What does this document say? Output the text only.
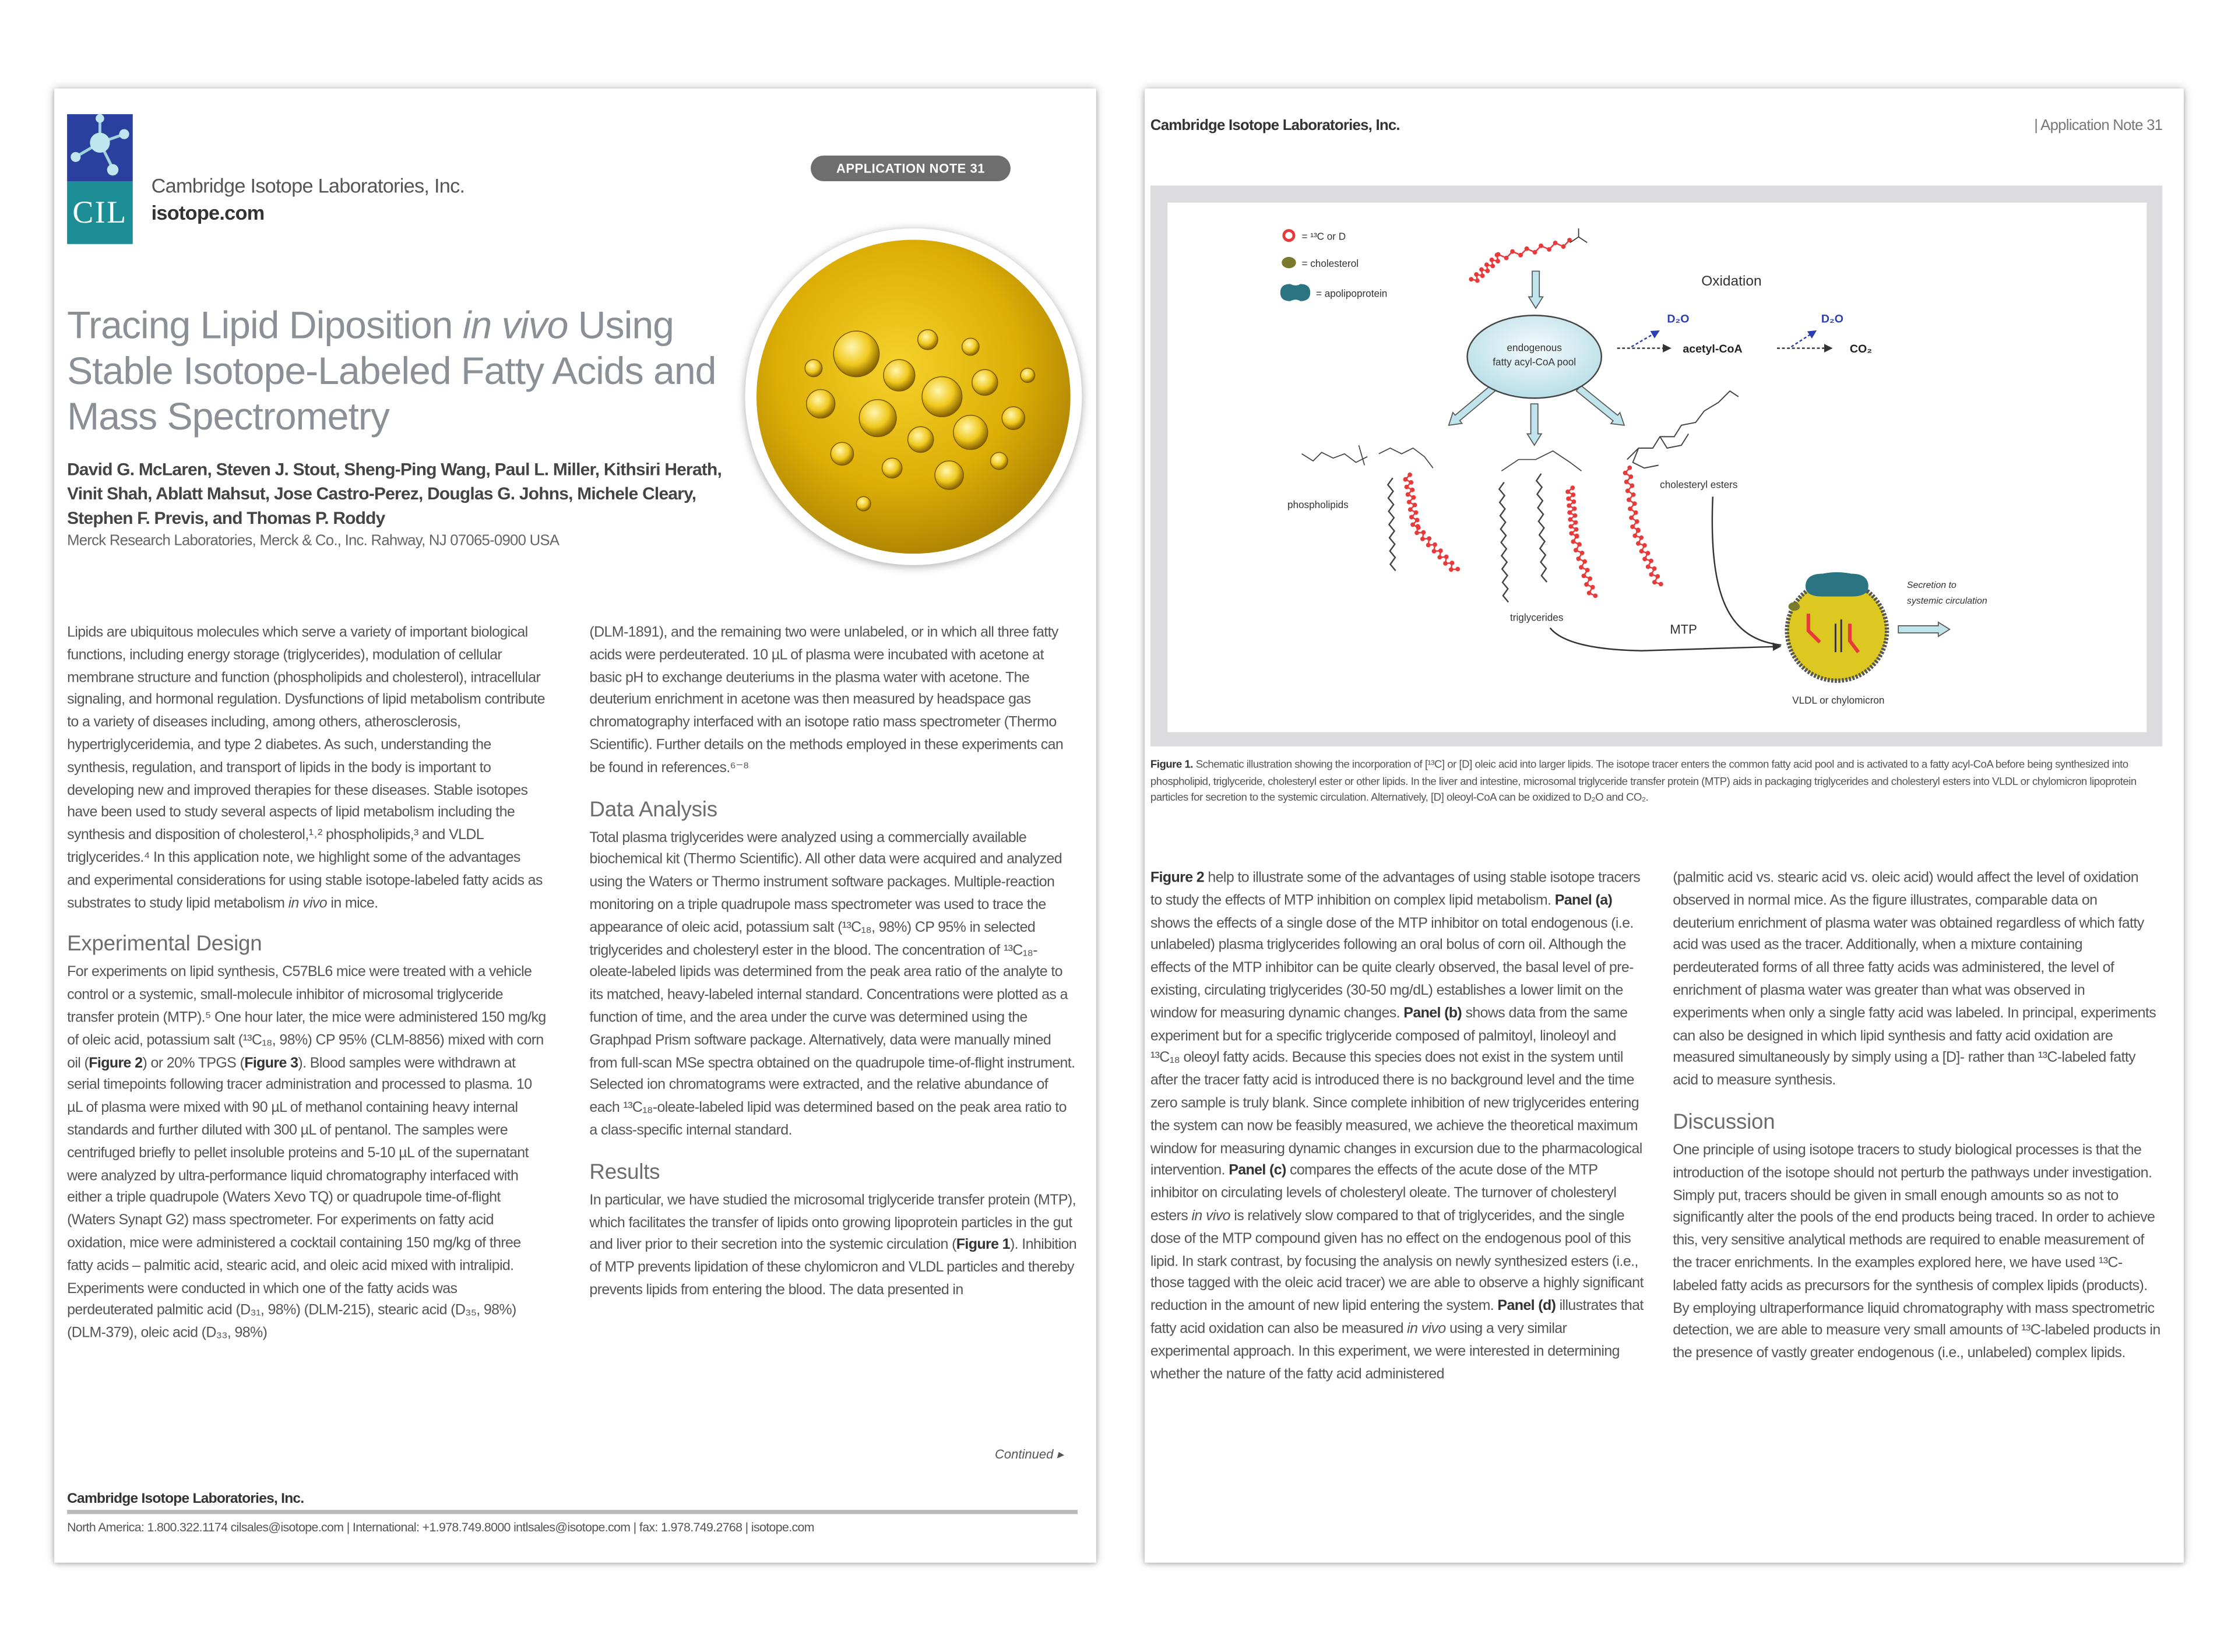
CIL
Cambridge Isotope Laboratories, Inc.
isotope.com
APPLICATION NOTE 31
Tracing Lipid Diposition in vivo Using Stable Isotope-Labeled Fatty Acids and Mass Spectrometry
David G. McLaren, Steven J. Stout, Sheng-Ping Wang, Paul L. Miller, Kithsiri Herath, Vinit Shah, Ablatt Mahsut, Jose Castro-Perez, Douglas G. Johns, Michele Cleary, Stephen F. Previs, and Thomas P. Roddy
Merck Research Laboratories, Merck & Co., Inc. Rahway, NJ 07065-0900 USA

Lipids are ubiquitous molecules which serve a variety of important biological functions, including energy storage (triglycerides), modulation of cellular membrane structure and function (phospholipids and cholesterol), intracellular signaling, and hormonal regulation. Dysfunctions of lipid metabolism contribute to a variety of diseases including, among others, atherosclerosis, hypertriglyceridemia, and type 2 diabetes. As such, understanding the synthesis, regulation, and transport of lipids in the body is important to developing new and improved therapies for these diseases. Stable isotopes have been used to study several aspects of lipid metabolism including the synthesis and disposition of cholesterol,¹˒² phospholipids,³ and VLDL triglycerides.⁴ In this application note, we highlight some of the advantages and experimental considerations for using stable isotope-labeled fatty acids as substrates to study lipid metabolism in vivo in mice.

Experimental Design

For experiments on lipid synthesis, C57BL6 mice were treated with a vehicle control or a systemic, small-molecule inhibitor of microsomal triglyceride transfer protein (MTP).⁵ One hour later, the mice were administered 150 mg/kg of oleic acid, potassium salt (¹³C₁₈, 98%) CP 95% (CLM-8856) mixed with corn oil (Figure 2) or 20% TPGS (Figure 3). Blood samples were withdrawn at serial timepoints following tracer administration and processed to plasma. 10 µL of plasma were mixed with 90 µL of methanol containing heavy internal standards and further diluted with 300 µL of pentanol. The samples were centrifuged briefly to pellet insoluble proteins and 5-10 µL of the supernatant were analyzed by ultra-performance liquid chromatography interfaced with either a triple quadrupole (Waters Xevo TQ) or quadrupole time-of-flight (Waters Synapt G2) mass spectrometer. For experiments on fatty acid oxidation, mice were administered a cocktail containing 150 mg/kg of three fatty acids – palmitic acid, stearic acid, and oleic acid mixed with intralipid. Experiments were conducted in which one of the fatty acids was perdeuterated palmitic acid (D₃₁, 98%) (DLM-215), stearic acid (D₃₅, 98%) (DLM-379), oleic acid (D₃₃, 98%)

(DLM-1891), and the remaining two were unlabeled, or in which all three fatty acids were perdeuterated. 10 µL of plasma were incubated with acetone at basic pH to exchange deuteriums in the plasma water with acetone. The deuterium enrichment in acetone was then measured by headspace gas chromatography interfaced with an isotope ratio mass spectrometer (Thermo Scientific). Further details on the methods employed in these experiments can be found in references.⁶⁻⁸

Data Analysis

Total plasma triglycerides were analyzed using a commercially available biochemical kit (Thermo Scientific). All other data were acquired and analyzed using the Waters or Thermo instrument software packages. Multiple-reaction monitoring on a triple quadrupole mass spectrometer was used to trace the appearance of oleic acid, potassium salt (¹³C₁₈, 98%) CP 95% in selected triglycerides and cholesteryl ester in the blood. The concentration of ¹³C₁₈-oleate-labeled lipids was determined from the peak area ratio of the analyte to its matched, heavy-labeled internal standard. Concentrations were plotted as a function of time, and the area under the curve was determined using the Graphpad Prism software package. Alternatively, data were manually mined from full-scan MSe spectra obtained on the quadrupole time-of-flight instrument. Selected ion chromatograms were extracted, and the relative abundance of each ¹³C₁₈-oleate-labeled lipid was determined based on the peak area ratio to a class-specific internal standard.

Results

In particular, we have studied the microsomal triglyceride transfer protein (MTP), which facilitates the transfer of lipids onto growing lipoprotein particles in the gut and liver prior to their secretion into the systemic circulation (Figure 1). Inhibition of MTP prevents lipidation of these chylomicron and VLDL particles and thereby prevents lipids from entering the blood. The data presented in

Continued ▸
Cambridge Isotope Laboratories, Inc.
North America: 1.800.322.1174 cilsales@isotope.com | International: +1.978.749.8000 intlsales@isotope.com | fax: 1.978.749.2768 | isotope.com
Cambridge Isotope Laboratories, Inc.	| Application Note 31
= ¹³C or D
= cholesterol
= apolipoprotein
endogenous
fatty acyl-CoA pool
Oxidation
D₂O	D₂O
acetyl-CoA	CO₂
phospholipids
triglycerides
cholesteryl esters
MTP
VLDL or chylomicron
Secretion to
systemic circulation
Figure 1. Schematic illustration showing the incorporation of [¹³C] or [D] oleic acid into larger lipids. The isotope tracer enters the common fatty acid pool and is activated to a fatty acyl-CoA before being synthesized into phospholipid, triglyceride, cholesteryl ester or other lipids. In the liver and intestine, microsomal triglyceride transfer protein (MTP) aids in packaging triglycerides and cholesteryl esters into VLDL or chylomicron lipoprotein particles for secretion to the systemic circulation. Alternatively, [D] oleoyl-CoA can be oxidized to D₂O and CO₂.

Figure 2 help to illustrate some of the advantages of using stable isotope tracers to study the effects of MTP inhibition on complex lipid metabolism. Panel (a) shows the effects of a single dose of the MTP inhibitor on total endogenous (i.e. unlabeled) plasma triglycerides following an oral bolus of corn oil. Although the effects of the MTP inhibitor can be quite clearly observed, the basal level of pre-existing, circulating triglycerides (30-50 mg/dL) establishes a lower limit on the window for measuring dynamic changes. Panel (b) shows data from the same experiment but for a specific triglyceride composed of palmitoyl, linoleoyl and ¹³C₁₈ oleoyl fatty acids. Because this species does not exist in the system until after the tracer fatty acid is introduced there is no background level and the time zero sample is truly blank. Since complete inhibition of new triglycerides entering the system can now be feasibly measured, we achieve the theoretical maximum window for measuring dynamic changes in excursion due to the pharmacological intervention. Panel (c) compares the effects of the acute dose of the MTP inhibitor on circulating levels of cholesteryl oleate. The turnover of cholesteryl esters in vivo is relatively slow compared to that of triglycerides, and the single dose of the MTP compound given has no effect on the endogenous pool of this lipid. In stark contrast, by focusing the analysis on newly synthesized esters (i.e., those tagged with the oleic acid tracer) we are able to observe a highly significant reduction in the amount of new lipid entering the system. Panel (d) illustrates that fatty acid oxidation can also be measured in vivo using a very similar experimental approach. In this experiment, we were interested in determining whether the nature of the fatty acid administered

(palmitic acid vs. stearic acid vs. oleic acid) would affect the level of oxidation observed in normal mice. As the figure illustrates, comparable data on deuterium enrichment of plasma water was obtained regardless of which fatty acid was used as the tracer. Additionally, when a mixture containing perdeuterated forms of all three fatty acids was administered, the level of enrichment of plasma water was greater than what was observed in experiments when only a single fatty acid was labeled. In principal, experiments can also be designed in which lipid synthesis and fatty acid oxidation are measured simultaneously by simply using a [D]- rather than ¹³C-labeled fatty acid to measure synthesis.

Discussion

One principle of using isotope tracers to study biological processes is that the introduction of the isotope should not perturb the pathways under investigation. Simply put, tracers should be given in small enough amounts so as not to significantly alter the pools of the end products being traced. In order to achieve this, very sensitive analytical methods are required to enable measurement of the tracer enrichments. In the examples explored here, we have used ¹³C-labeled fatty acids as precursors for the synthesis of complex lipids (products). By employing ultraperformance liquid chromatography with mass spectrometric detection, we are able to measure very small amounts of ¹³C-labeled products in the presence of vastly greater endogenous (i.e., unlabeled) complex lipids.
